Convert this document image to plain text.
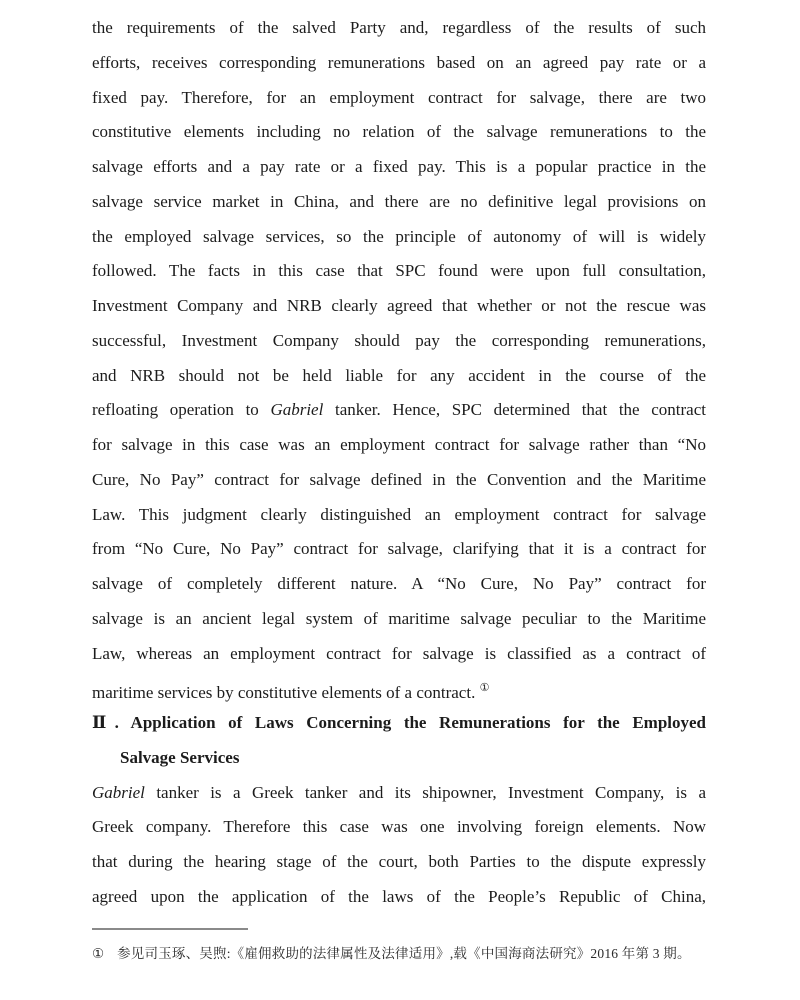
the requirements of the salved Party and, regardless of the results of such
efforts, receives corresponding remunerations based on an agreed pay rate or a
fixed pay. Therefore, for an employment contract for salvage, there are two
constitutive elements including no relation of the salvage remunerations to the
salvage efforts and a pay rate or a fixed pay. This is a popular practice in the
salvage service market in China, and there are no definitive legal provisions on
the employed salvage services, so the principle of autonomy of will is widely
followed. The facts in this case that SPC found were upon full consultation,
Investment Company and NRB clearly agreed that whether or not the rescue was
successful, Investment Company should pay the corresponding remunerations,
and NRB should not be held liable for any accident in the course of the
refloating operation to Gabriel tanker. Hence, SPC determined that the contract
for salvage in this case was an employment contract for salvage rather than “No
Cure, No Pay” contract for salvage defined in the Convention and the Maritime
Law. This judgment clearly distinguished an employment contract for salvage
from “No Cure, No Pay” contract for salvage, clarifying that it is a contract for
salvage of completely different nature. A “No Cure, No Pay” contract for
salvage is an ancient legal system of maritime salvage peculiar to the Maritime
Law, whereas an employment contract for salvage is classified as a contract of
maritime services by constitutive elements of a contract. ①
Ⅱ. Application of Laws Concerning the Remunerations for the Employed
Salvage Services
Gabriel tanker is a Greek tanker and its shipowner, Investment Company, is a
Greek company. Therefore this case was one involving foreign elements. Now
that during the hearing stage of the court, both Parties to the dispute expressly
agreed upon the application of the laws of the People’s Republic of China,
① 参见司玉琢、吴煦:《雇佣救助的法律属性及法律适用》,载《中国海商法研究》2016 年第 3 期。
